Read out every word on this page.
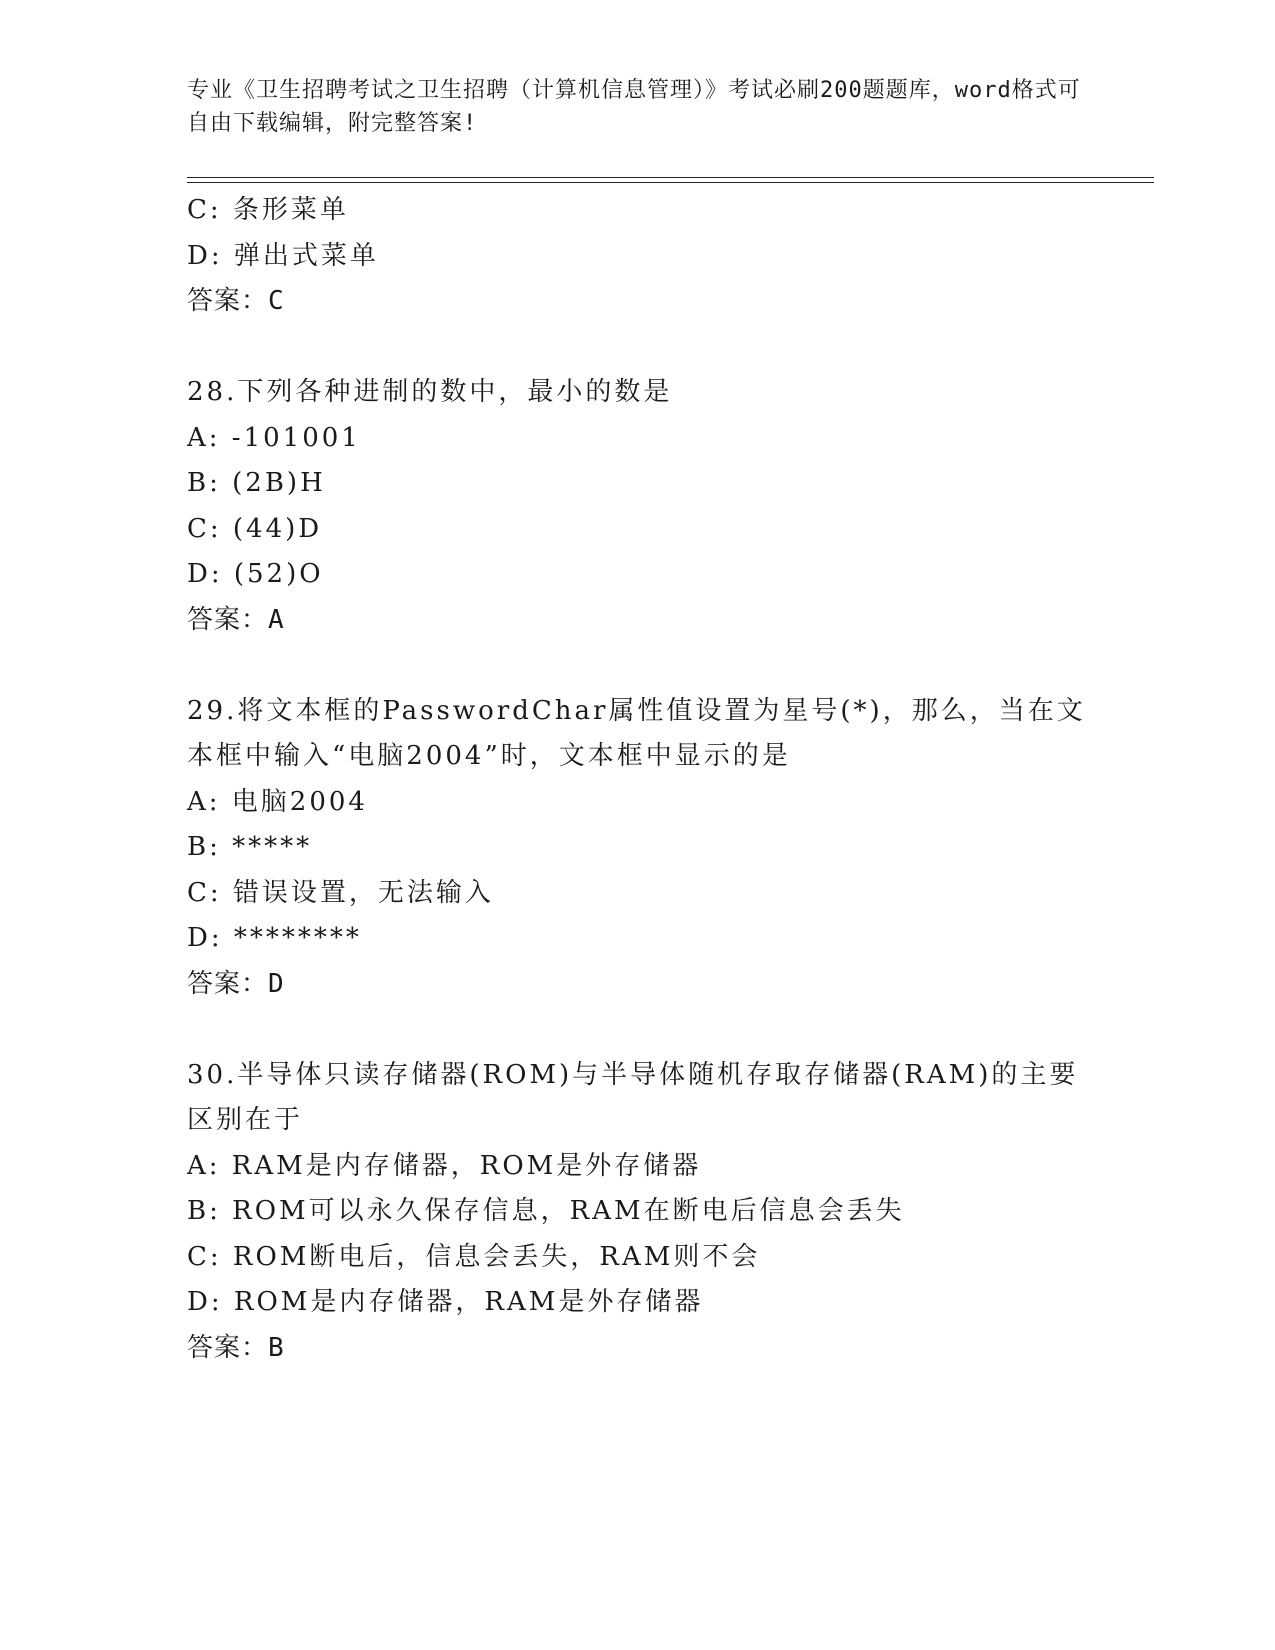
专业《卫生招聘考试之卫生招聘（计算机信息管理）》考试必刷200题题库，word格式可自由下载编辑，附完整答案!

C: 条形菜单

D: 弹出式菜单

答案：C

28.下列各种进制的数中，最小的数是

A: -101001

B: (2B)H

C: (44)D

D: (52)O

答案：A

29.将文本框的PasswordChar属性值设置为星号(*)，那么，当在文本框中输入“电脑2004”时，文本框中显示的是

A: 电脑2004

B: *****

C: 错误设置，无法输入

D: ********

答案：D

30.半导体只读存储器(ROM)与半导体随机存取存储器(RAM)的主要区别在于

A: RAM是内存储器，ROM是外存储器

B: ROM可以永久保存信息，RAM在断电后信息会丢失

C: ROM断电后，信息会丢失，RAM则不会

D: ROM是内存储器，RAM是外存储器

答案：B
